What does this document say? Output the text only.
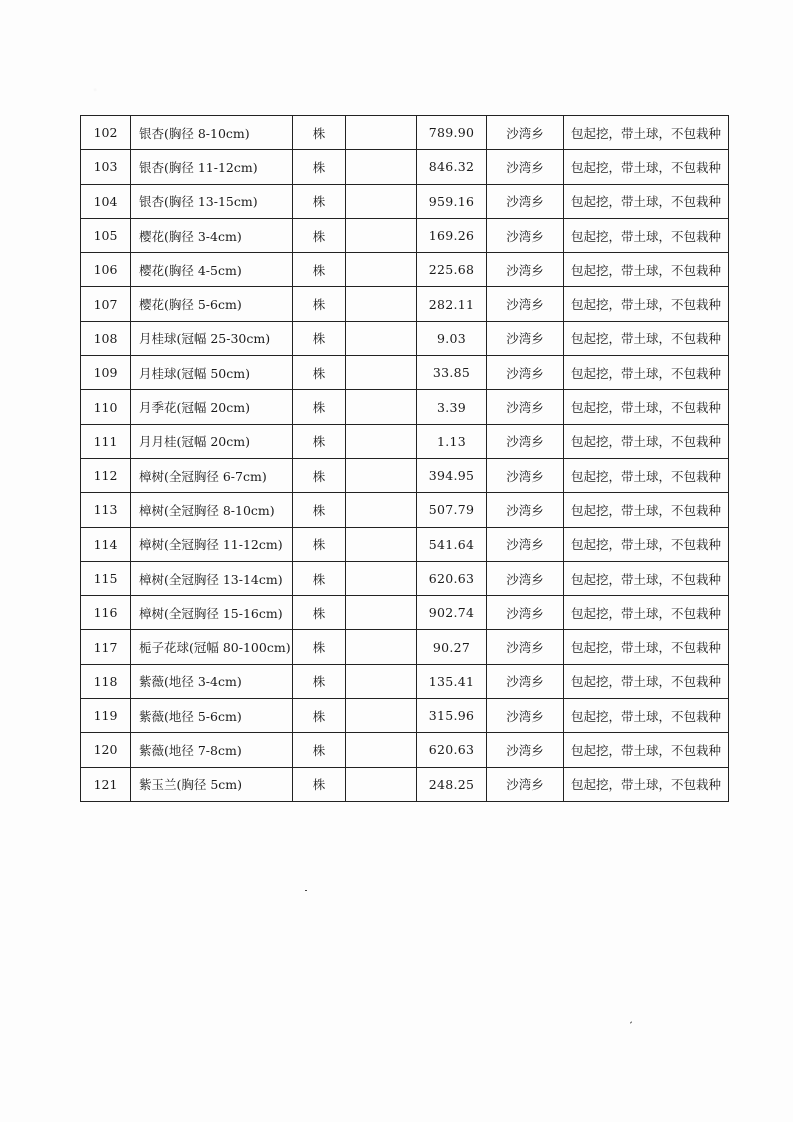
102	银杏(胸径 8-10cm)	株		789.90	沙湾乡	包起挖，带土球，不包栽种
103	银杏(胸径 11-12cm)	株		846.32	沙湾乡	包起挖，带土球，不包栽种
104	银杏(胸径 13-15cm)	株		959.16	沙湾乡	包起挖，带土球，不包栽种
105	樱花(胸径 3-4cm)	株		169.26	沙湾乡	包起挖，带土球，不包栽种
106	樱花(胸径 4-5cm)	株		225.68	沙湾乡	包起挖，带土球，不包栽种
107	樱花(胸径 5-6cm)	株		282.11	沙湾乡	包起挖，带土球，不包栽种
108	月桂球(冠幅 25-30cm)	株		9.03	沙湾乡	包起挖，带土球，不包栽种
109	月桂球(冠幅 50cm)	株		33.85	沙湾乡	包起挖，带土球，不包栽种
110	月季花(冠幅 20cm)	株		3.39	沙湾乡	包起挖，带土球，不包栽种
111	月月桂(冠幅 20cm)	株		1.13	沙湾乡	包起挖，带土球，不包栽种
112	樟树(全冠胸径 6-7cm)	株		394.95	沙湾乡	包起挖，带土球，不包栽种
113	樟树(全冠胸径 8-10cm)	株		507.79	沙湾乡	包起挖，带土球，不包栽种
114	樟树(全冠胸径 11-12cm)	株		541.64	沙湾乡	包起挖，带土球，不包栽种
115	樟树(全冠胸径 13-14cm)	株		620.63	沙湾乡	包起挖，带土球，不包栽种
116	樟树(全冠胸径 15-16cm)	株		902.74	沙湾乡	包起挖，带土球，不包栽种
117	栀子花球(冠幅 80-100cm)	株		90.27	沙湾乡	包起挖，带土球，不包栽种
118	紫薇(地径 3-4cm)	株		135.41	沙湾乡	包起挖，带土球，不包栽种
119	紫薇(地径 5-6cm)	株		315.96	沙湾乡	包起挖，带土球，不包栽种
120	紫薇(地径 7-8cm)	株		620.63	沙湾乡	包起挖，带土球，不包栽种
121	紫玉兰(胸径 5cm)	株		248.25	沙湾乡	包起挖，带土球，不包栽种
